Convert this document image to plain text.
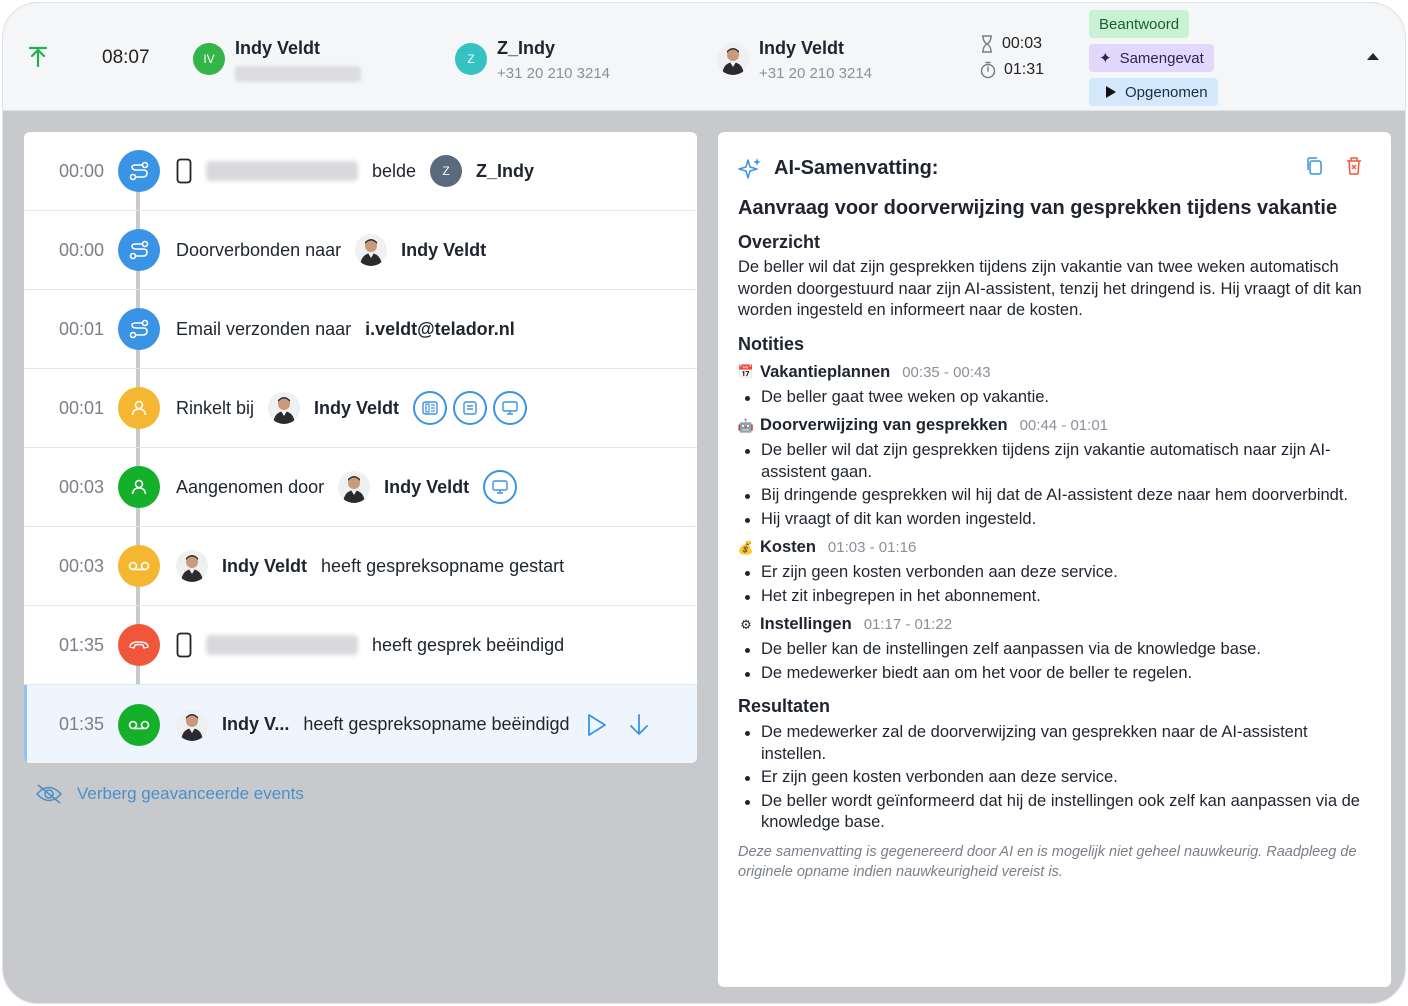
08:07	IV
Indy Veldt
Z
Z_Indy
+31 20 210 3214
Indy Veldt
+31 20 210 3214
00:03
01:31
Beantwoord
✦ Samengevat
Opgenomen
00:00	belde	Z	Z_Indy
00:00	Doorverbonden naar	Indy Veldt
00:01	Email verzonden naar i.veldt@telador.nl
00:01	Rinkelt bij	Indy Veldt
00:03	Aangenomen door	Indy Veldt
00:03	Indy Veldt heeft gespreksopname gestart
01:35	heeft gesprek beëindigd
01:35	Indy V... heeft gespreksopname beëindigd
Verberg geavanceerde events
AI-Samenvatting:
Aanvraag voor doorverwijzing van gesprekken tijdens vakantie
Overzicht
De beller wil dat zijn gesprekken tijdens zijn vakantie van twee weken automatisch worden doorgestuurd naar zijn AI-assistent, tenzij het dringend is. Hij vraagt of dit kan worden ingesteld en informeert naar de kosten.
Notities
📅 Vakantieplannen 00:35 - 00:43
De beller gaat twee weken op vakantie.
🤖 Doorverwijzing van gesprekken 00:44 - 01:01
De beller wil dat zijn gesprekken tijdens zijn vakantie automatisch naar zijn AI-assistent gaan.
Bij dringende gesprekken wil hij dat de AI-assistent deze naar hem doorverbindt.
Hij vraagt of dit kan worden ingesteld.
💰 Kosten 01:03 - 01:16
Er zijn geen kosten verbonden aan deze service.
Het zit inbegrepen in het abonnement.
⚙ Instellingen 01:17 - 01:22
De beller kan de instellingen zelf aanpassen via de knowledge base.
De medewerker biedt aan om het voor de beller te regelen.
Resultaten
De medewerker zal de doorverwijzing van gesprekken naar de AI-assistent instellen.
Er zijn geen kosten verbonden aan deze service.
De beller wordt geïnformeerd dat hij de instellingen ook zelf kan aanpassen via de knowledge base.
Deze samenvatting is gegenereerd door AI en is mogelijk niet geheel nauwkeurig. Raadpleeg de originele opname indien nauwkeurigheid vereist is.
